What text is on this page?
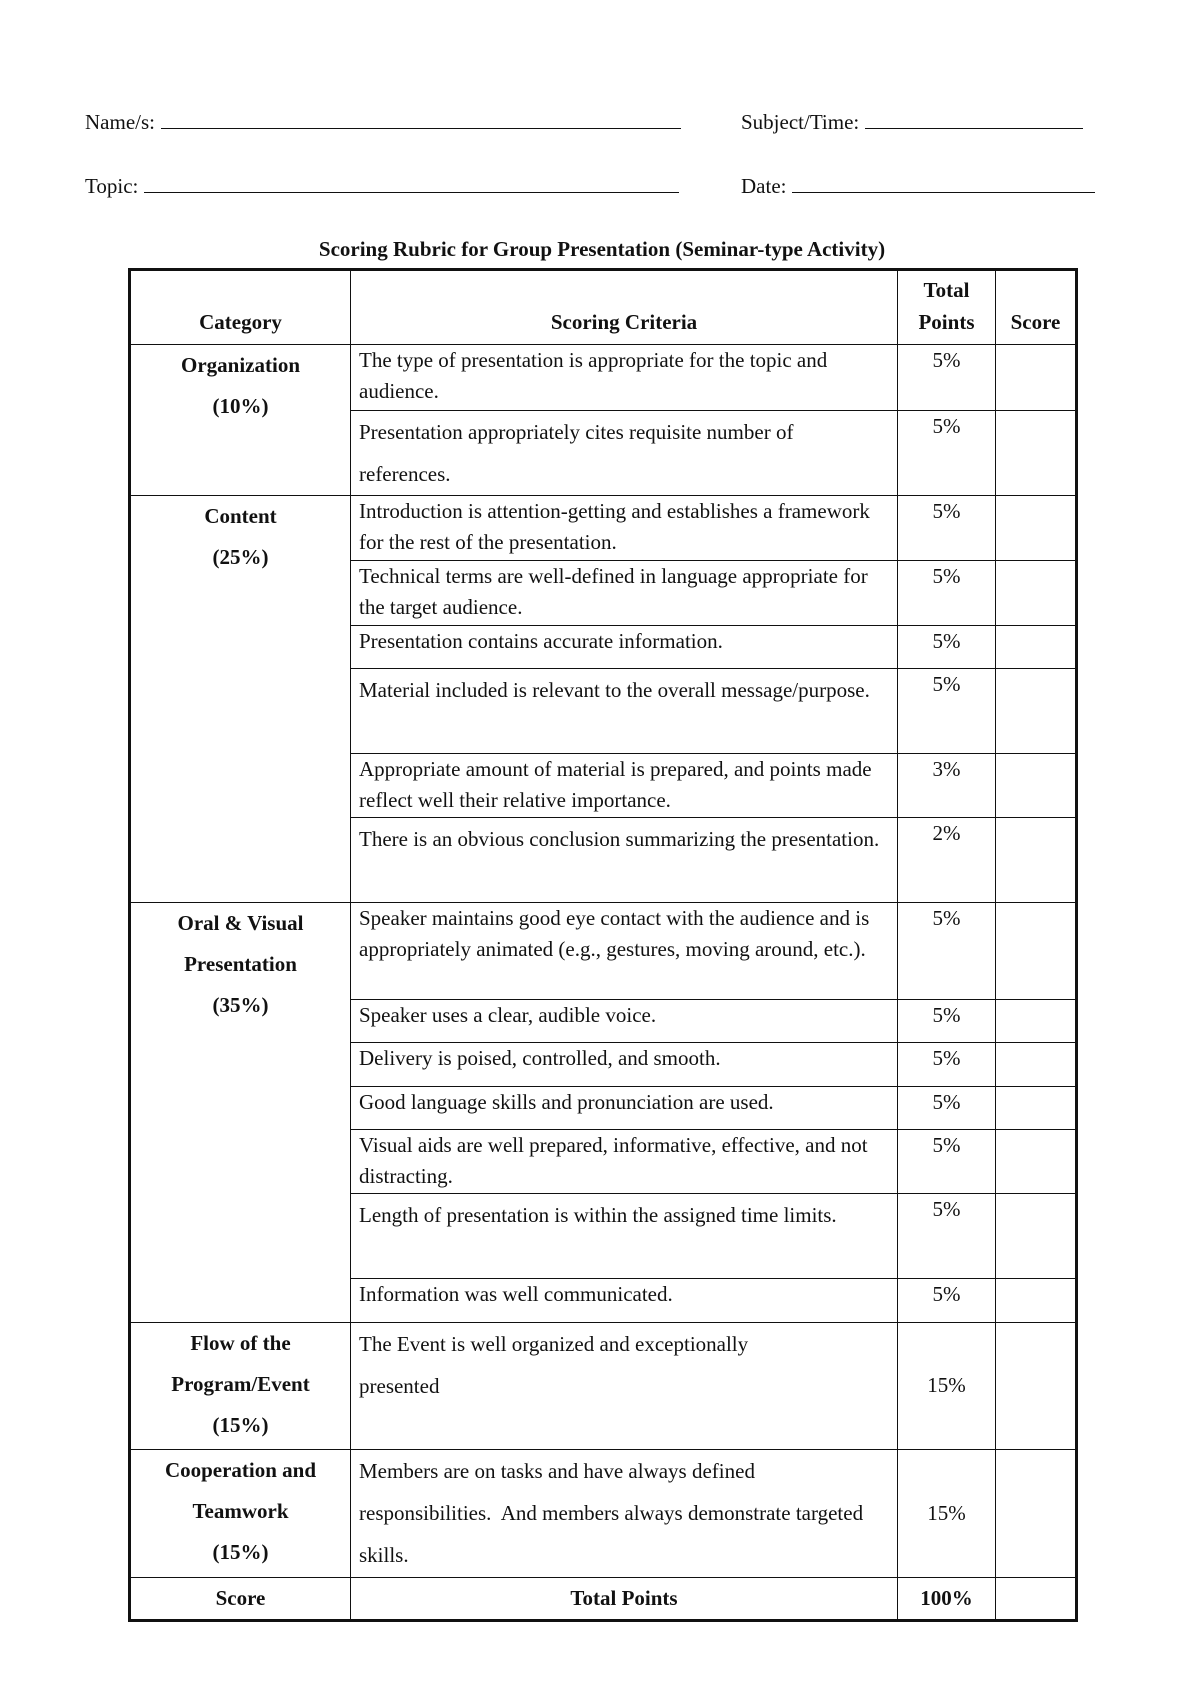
Name/s:	Subject/Time:
Topic:	Date:
Scoring Rubric for Group Presentation (Seminar-type Activity)
Category	Scoring Criteria	Total Points	Score

Organization
(10%)	The type of presentation is appropriate for the topic and audience.	5%	
	Presentation appropriately cites requisite number of references.	5%	

Content
(25%)	Introduction is attention-getting and establishes a framework for the rest of the presentation.	5%	
	Technical terms are well-defined in language appropriate for the target audience.	5%	
	Presentation contains accurate information.	5%	
	Material included is relevant to the overall message/purpose.	5%	
	Appropriate amount of material is prepared, and points made reflect well their relative importance.	3%	
	There is an obvious conclusion summarizing the presentation.	2%	

Oral & Visual Presentation
(35%)	Speaker maintains good eye contact with the audience and is appropriately animated (e.g., gestures, moving around, etc.).	5%	
	Speaker uses a clear, audible voice.	5%	
	Delivery is poised, controlled, and smooth.	5%	
	Good language skills and pronunciation are used.	5%	
	Visual aids are well prepared, informative, effective, and not distracting.	5%	
	Length of presentation is within the assigned time limits.	5%	
	Information was well communicated.	5%	

Flow of the Program/Event
(15%)	The Event is well organized and exceptionally presented	15%	

Cooperation and Teamwork
(15%)	Members are on tasks and have always defined responsibilities.  And members always demonstrate targeted skills.	15%	
Score	Total Points	100%	
